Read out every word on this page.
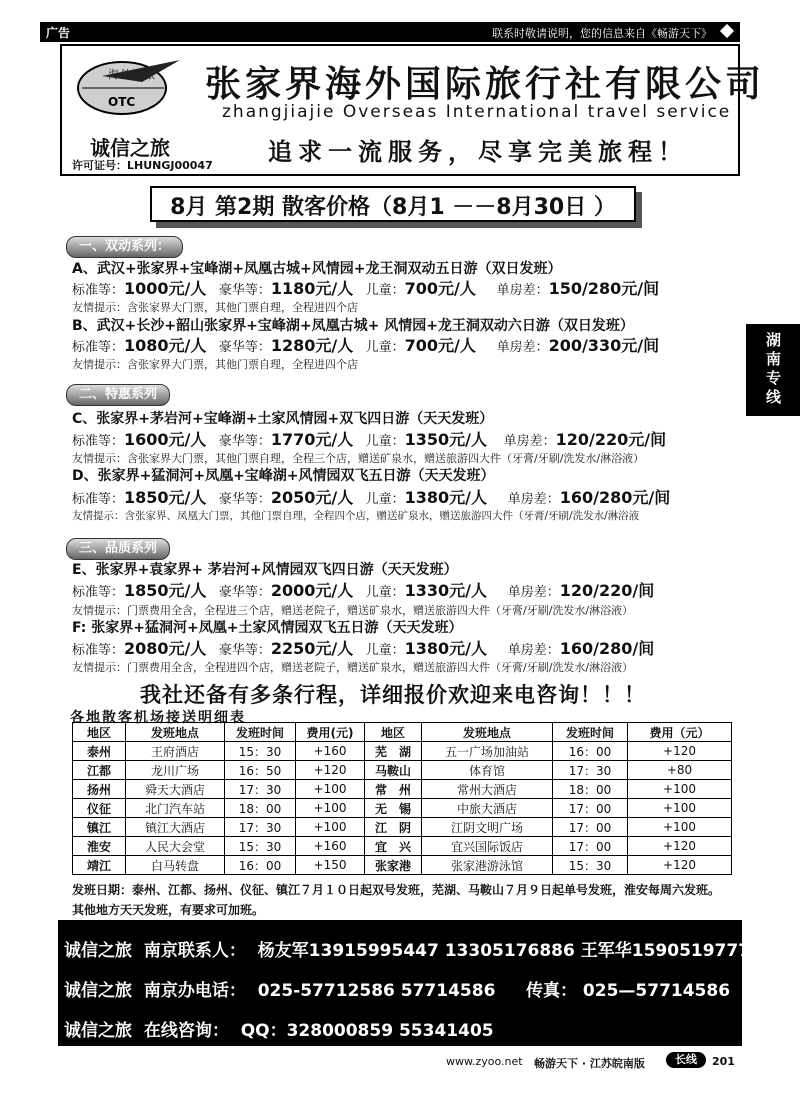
广告	联系时敬请说明，您的信息来自《畅游天下》
OTC
海外国旅 张家界海外国际旅行社有限公司
zhangjiajie Overseas International travel service
诚信之旅
许可证号：LHUNGJ00047 追求一流服务，尽享完美旅程！
8月 第2期 散客价格（8月1 －－8月30日 ）
湖南专线
一、双动系列：
A、武汉+张家界+宝峰湖+凤凰古城+风情园+龙王洞双动五日游（双日发班）
标准等：1000元/人 豪华等：1180元/人 儿童：700元/人 单房差：150/280元/间
友情提示：含张家界大门票，其他门票自理，全程进四个店
B、武汉+长沙+韶山张家界+宝峰湖+凤凰古城+ 风情园+龙王洞双动六日游（双日发班）
标准等：1080元/人 豪华等：1280元/人 儿童：700元/人 单房差：200/330元/间
友情提示：含张家界大门票，其他门票自理，全程进四个店
二、特惠系列
C、张家界+茅岩河+宝峰湖+土家风情园+双飞四日游（天天发班）
标准等：1600元/人 豪华等：1770元/人 儿童：1350元/人 单房差：120/220元/间
友情提示：含张家界大门票，其他门票自理，全程三个店，赠送矿泉水，赠送旅游四大件（牙膏/牙刷/洗发水/淋浴液）
D、张家界+猛洞河+凤凰+宝峰湖+风情园双飞五日游（天天发班）
标准等：1850元/人 豪华等：2050元/人 儿童：1380元/人 单房差：160/280元/间
友情提示：含张家界、凤凰大门票，其他门票自理，全程四个店，赠送矿泉水，赠送旅游四大件（牙膏/牙刷/洗发水/淋浴液
三、品质系列
E、张家界+袁家界+ 茅岩河+风情园双飞四日游（天天发班）
标准等：1850元/人 豪华等：2000元/人 儿童：1330元/人 单房差：120/220/间
友情提示：门票费用全含，全程进三个店，赠送老院子，赠送矿泉水，赠送旅游四大件（牙膏/牙刷/洗发水/淋浴液）
F: 张家界+猛洞河+凤凰+土家风情园双飞五日游（天天发班）
标准等：2080元/人 豪华等：2250元/人 儿童：1380元/人 单房差：160/280/间
友情提示：门票费用全含，全程进四个店，赠送老院子，赠送矿泉水，赠送旅游四大件（牙膏/牙刷/洗发水/淋浴液）
我社还备有多条行程，详细报价欢迎来电咨询！！！
各地散客机场接送明细表
地区	发班地点	发班时间	费用(元)	地区	发班地点	发班时间	费用（元）
泰州	王府酒店	15：30	+160	芜　湖	五一广场加油站	16：00	+120
江都	龙川广场	16：50	+120	马鞍山	体育馆	17：30	+80
扬州	舜天大酒店	17：30	+100	常　州	常州大酒店	18：00	+100
仪征	北门汽车站	18：00	+100	无　锡	中旅大酒店	17：00	+100
镇江	镇江大酒店	17：30	+100	江　阴	江阴文明广场	17：00	+100
淮安	人民大会堂	15：30	+160	宜　兴	宜兴国际饭店	17：00	+120
靖江	白马转盘	16：00	+150	张家港	张家港游泳馆	15：30	+120
发班日期：泰州、江都、扬州、仪征、镇江７月１０日起双号发班，芜湖、马鞍山７月９日起单号发班，淮安每周六发班。其他地方天天发班，有要求可加班。
诚信之旅 南京联系人： 杨友军13915995447 13305176886 王军华15905197776
诚信之旅 南京办电话： 025-57712586 57714586 传真： 025—57714586
诚信之旅 在线咨询： QQ：328000859 55341405
www.zyoo.net 畅游天下 · 江苏皖南版	长线	201
